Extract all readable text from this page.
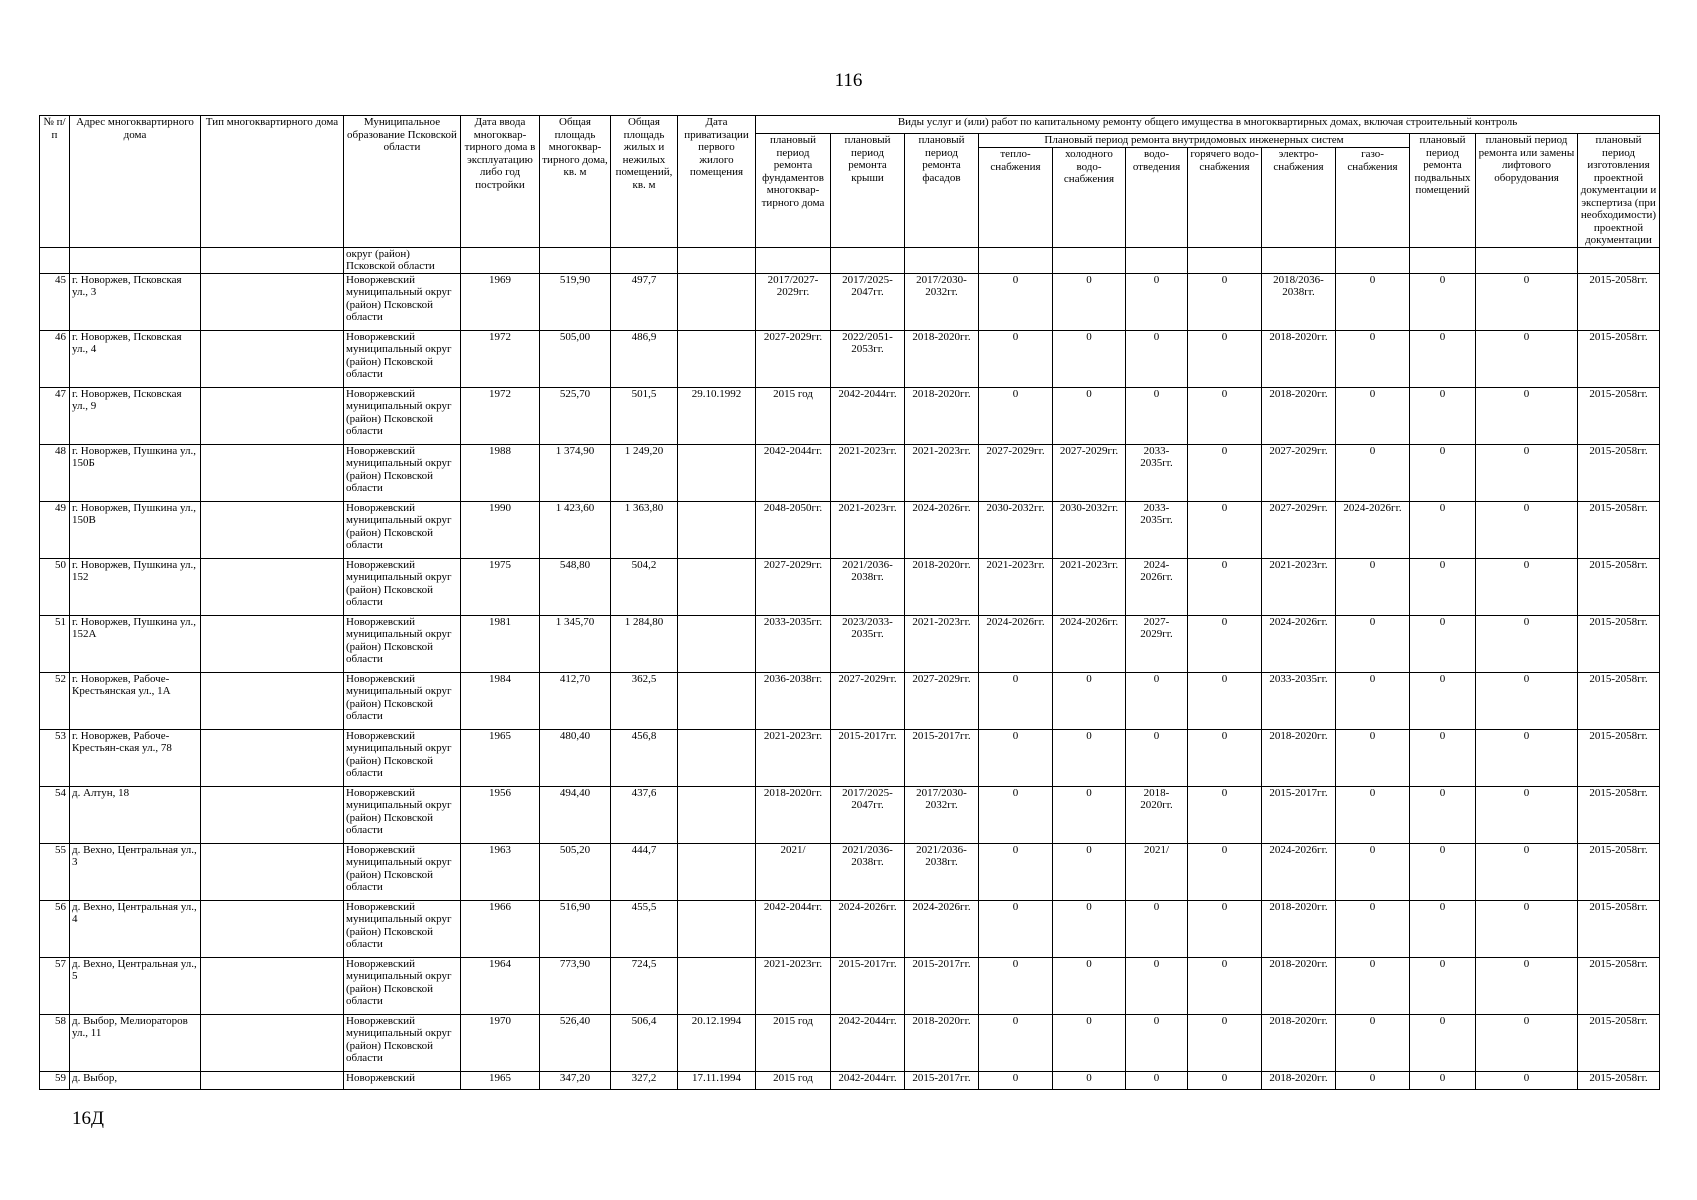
116
№ п/п	Адрес многоквартирного дома	Тип многоквартирного дома	Муниципальное образование Псковской области	Дата ввода многоквар-тирного дома в эксплуатацию либо год постройки	Общая площадь многоквар-тирного дома, кв. м	Общая площадь жилых и нежилых помещений, кв. м	Дата приватизации первого жилого помещения	Виды услуг и (или) работ по капитальному ремонту общего имущества в многоквартирных домах, включая строительный контроль											
								плановый период ремонта фундаментов многоквар-тирного дома	плановый период ремонта крыши	плановый период ремонта фасадов	Плановый период ремонта внутридомовых инженерных систем						плановый период ремонта подвальных помещений	плановый период ремонта или замены лифтового оборудования	плановый период изготовления проектной документации и экспертиза (при необходимости) проектной документации
											тепло-снабжения	холодного водо-снабжения	водо-отведения	горячего водо-снабжения	электро-снабжения	газо-снабжения			
			округ (район) Псковской области																
45	г. Новоржев, Псковская ул., 3		Новоржевский муниципальный округ (район) Псковской области	1969	519,90	497,7		2017/2027-2029гг.	2017/2025-2047гг.	2017/2030-2032гг.	0	0	0	0	2018/2036-2038гг.	0	0	0	2015-2058гг.
46	г. Новоржев, Псковская ул., 4		Новоржевский муниципальный округ (район) Псковской области	1972	505,00	486,9		2027-2029гг.	2022/2051-2053гг.	2018-2020гг.	0	0	0	0	2018-2020гг.	0	0	0	2015-2058гг.
47	г. Новоржев, Псковская ул., 9		Новоржевский муниципальный округ (район) Псковской области	1972	525,70	501,5	29.10.1992	2015 год	2042-2044гг.	2018-2020гг.	0	0	0	0	2018-2020гг.	0	0	0	2015-2058гг.
48	г. Новоржев, Пушкина ул., 150Б		Новоржевский муниципальный округ (район) Псковской области	1988	1 374,90	1 249,20		2042-2044гг.	2021-2023гг.	2021-2023гг.	2027-2029гг.	2027-2029гг.	2033-2035гг.	0	2027-2029гг.	0	0	0	2015-2058гг.
49	г. Новоржев, Пушкина ул., 150В		Новоржевский муниципальный округ (район) Псковской области	1990	1 423,60	1 363,80		2048-2050гг.	2021-2023гг.	2024-2026гг.	2030-2032гг.	2030-2032гг.	2033-2035гг.	0	2027-2029гг.	2024-2026гг.	0	0	2015-2058гг.
50	г. Новоржев, Пушкина ул., 152		Новоржевский муниципальный округ (район) Псковской области	1975	548,80	504,2		2027-2029гг.	2021/2036-2038гг.	2018-2020гг.	2021-2023гг.	2021-2023гг.	2024-2026гг.	0	2021-2023гг.	0	0	0	2015-2058гг.
51	г. Новоржев, Пушкина ул., 152А		Новоржевский муниципальный округ (район) Псковской области	1981	1 345,70	1 284,80		2033-2035гг.	2023/2033-2035гг.	2021-2023гг.	2024-2026гг.	2024-2026гг.	2027-2029гг.	0	2024-2026гг.	0	0	0	2015-2058гг.
52	г. Новоржев, Рабоче-Крестьянская ул., 1А		Новоржевский муниципальный округ (район) Псковской области	1984	412,70	362,5		2036-2038гг.	2027-2029гг.	2027-2029гг.	0	0	0	0	2033-2035гг.	0	0	0	2015-2058гг.
53	г. Новоржев, Рабоче-Крестьян-ская ул., 78		Новоржевский муниципальный округ (район) Псковской области	1965	480,40	456,8		2021-2023гг.	2015-2017гг.	2015-2017гг.	0	0	0	0	2018-2020гг.	0	0	0	2015-2058гг.
54	д. Алтун, 18		Новоржевский муниципальный округ (район) Псковской области	1956	494,40	437,6		2018-2020гг.	2017/2025-2047гг.	2017/2030-2032гг.	0	0	2018-2020гг.	0	2015-2017гг.	0	0	0	2015-2058гг.
55	д. Вехно, Центральная ул., 3		Новоржевский муниципальный округ (район) Псковской области	1963	505,20	444,7		2021/	2021/2036-2038гг.	2021/2036-2038гг.	0	0	2021/	0	2024-2026гг.	0	0	0	2015-2058гг.
56	д. Вехно, Центральная ул., 4		Новоржевский муниципальный округ (район) Псковской области	1966	516,90	455,5		2042-2044гг.	2024-2026гг.	2024-2026гг.	0	0	0	0	2018-2020гг.	0	0	0	2015-2058гг.
57	д. Вехно, Центральная ул., 5		Новоржевский муниципальный округ (район) Псковской области	1964	773,90	724,5		2021-2023гг.	2015-2017гг.	2015-2017гг.	0	0	0	0	2018-2020гг.	0	0	0	2015-2058гг.
58	д. Выбор, Мелиораторов ул., 11		Новоржевский муниципальный округ (район) Псковской области	1970	526,40	506,4	20.12.1994	2015 год	2042-2044гг.	2018-2020гг.	0	0	0	0	2018-2020гг.	0	0	0	2015-2058гг.
59	д. Выбор,		Новоржевский	1965	347,20	327,2	17.11.1994	2015 год	2042-2044гг.	2015-2017гг.	0	0	0	0	2018-2020гг.	0	0	0	2015-2058гг.
16Д
